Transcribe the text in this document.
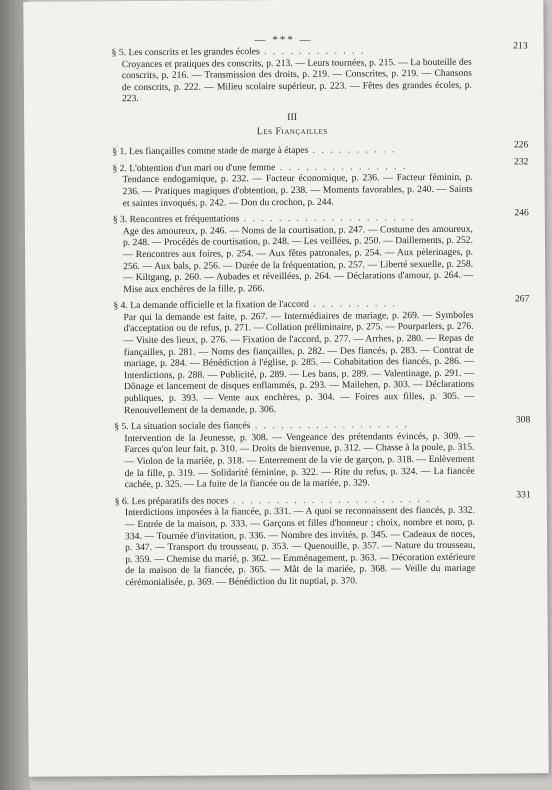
— *** —
§ 5. Les conscrits et les grandes écoles . . . . . . . . . . . .	213
Croyances et pratiques des conscrits, p. 213. — Leurs tournées, p. 215. — La bouteille des conscrits, p. 216. — Transmission des droits, p. 219. — Conscrites, p. 219. — Chansons de conscrits, p. 222. — Milieu scolaire supérieur, p. 223. — Fêtes des grandes écoles, p. 223.
III
Les Fiançailles
§ 1. Les fiançailles comme stade de marge à étapes . . . . . . . . . .	226
§ 2. L'obtention d'un mari ou d'une femme . . . . . . . . . . . . . . .	232
Tendance endogamique, p. 232. — Facteur économique, p. 236. — Facteur féminin, p. 236. — Pratiques magiques d'obtention, p. 238. — Moments favorables, p. 240. — Saints et saintes invoqués, p. 242. — Don du crochon, p. 244.
§ 3. Rencontres et fréquentations . . . . . . . . . . . . . . . . . . . .	246
Age des amoureux, p. 246. — Noms de la courtisation, p. 247. — Costume des amoureux, p. 248. — Procédés de courtisation, p. 248. — Les veillées, p. 250. — Daillements, p. 252. — Rencontres aux foires, p. 254. — Aux fêtes patronales, p. 254. — Aux pèlerinages, p. 256. — Aux bals, p. 256. — Durée de la fréquentation, p. 257. — Liberté sexuelle, p. 258. — Kiltgang, p. 260. — Aubades et réveillées, p. 264. — Déclarations d'amour, p. 264. — Mise aux enchères de la fille, p. 266.
§ 4. La demande officielle et la fixation de l'accord . . . . . . . . . .	267
Par qui la demande est faite, p. 267. — Intermédiaires de mariage, p. 269. — Symboles d'acceptation ou de refus, p. 271. — Collation préliminaire, p. 275. — Pourparlers, p. 276. — Visite des lieux, p. 276. — Fixation de l'accord, p. 277. — Arrhes, p. 280. — Repas de fiançailles, p. 281. — Noms des fiançailles, p. 282. — Des fiancés, p. 283. — Contrat de mariage, p. 284. — Bénédiction à l'église, p. 285. — Cohabitation des fiancés, p. 286. — Interdictions, p. 288. — Publicité, p. 289. — Les bans, p. 289. — Valentinage, p. 291. — Dônage et lancement de disques enflammés, p. 293. — Mailehen, p. 303. — Déclarations publiques, p. 393. — Vente aux enchères, p. 304. — Foires aux filles, p. 305. — Renouvellement de la demande, p. 306.
§ 5. La situation sociale des fiancés . . . . . . . . . . . . . . . . . .	308
Intervention de la Jeunesse, p. 308. — Vengeance des prétendants évincés, p. 309. — Farces qu'on leur fait, p. 310. — Droits de bienvenue, p. 312. — Chasse à la poule, p. 315. — Violon de la mariée, p. 318. — Enterrement de la vie de garçon, p. 318. — Enlèvement de la fille, p. 319. — Solidarité féminine, p. 322. — Rite du refus, p. 324. — La fiancée cachée, p. 325. — La fuite de la fiancée ou de la mariée, p. 329.
§ 6. Les préparatifs des noces . . . . . . . . . . . . . . . . . . . . . . .	331
Interdictions imposées à la fiancée, p. 331. — A quoi se reconnaissent des fiancés, p. 332. — Entrée de la maison, p. 333. — Garçons et filles d'honneur ; choix, nombre et nom, p. 334. — Tournée d'invitation, p. 336. — Nombre des invités, p. 345. — Cadeaux de noces, p. 347. — Transport du trousseau, p. 353. — Quenouille, p. 357. — Nature du trousseau, p. 359. — Chemise du marié, p. 362. — Emménagement, p. 363. — Décoration extérieure de la maison de la fiancée, p. 365. — Mât de la mariée, p. 368. — Veille du mariage cérémonialisée, p. 369. — Bénédiction du lit nuptial, p. 370.
